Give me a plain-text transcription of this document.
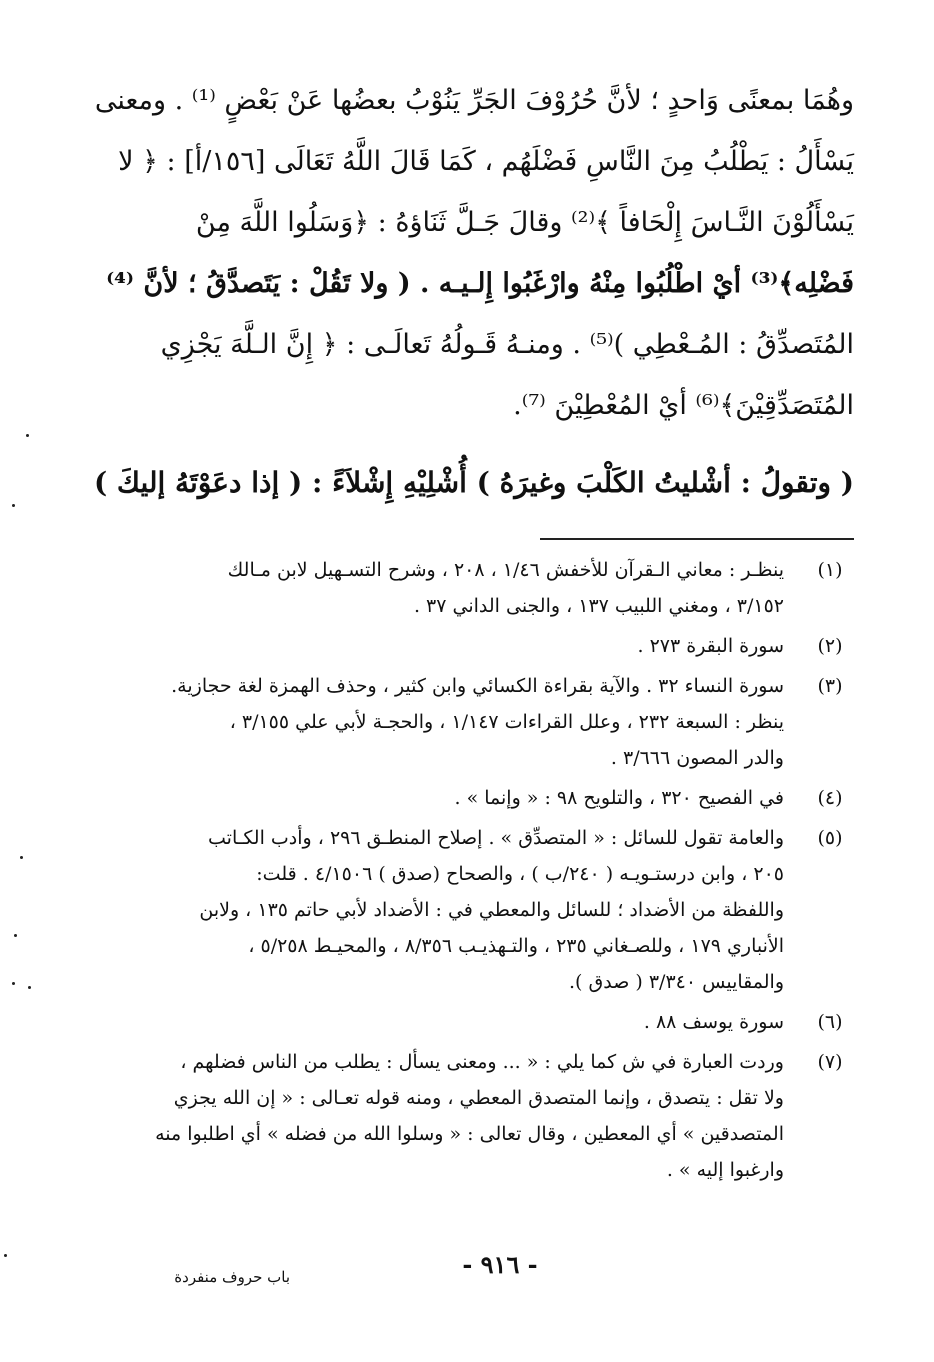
وهُمَا بمعنًى وَاحدٍ ؛ لأنَّ حُرُوْفَ الجَرِّ يَنُوْبُ بعضُها عَنْ بَعْضٍ ⁽¹⁾ . ومعنى
يَسْأَلُ : يَطْلُبُ مِنَ النَّاسِ فَضْلَهُم ، كَمَا قَالَ اللَّهُ تَعَالَى [١٥٦/أ] : ﴿ لا
يَسْأَلُوْنَ النَّـاسَ إِلْحَافاً ﴾⁽²⁾ وقالَ جَـلَّ ثَنَاؤهُ : ﴿وَسَلُوا اللَّهَ مِنْ
فَضْلِه﴾⁽³⁾ أيْ اطْلُبُوا مِنْهُ وارْغَبُوا إِلـيـه . ( ولا تَقُلْ : يَتَصدَّقُ ؛ لأنَّ ⁽⁴⁾
المُتَصدِّقُ : المُـعْطِي )⁽⁵⁾ . ومنـهُ قَـولُهُ تَعالَـى : ﴿ إِنَّ الـلَّهَ يَجْزِي
المُتَصَدِّقِيْنَ﴾⁽⁶⁾ أيْ المُعْطِيْنَ ⁽⁷⁾.
( وتقولُ : أشْليتُ الكَلْبَ وغيرَهُ ) أُشْلِيْهِ إِشْلاَءً : ( إذا دعَوْتَهُ إليكَ )
(١)
ينظـر : معاني الـقرآن للأخفش ١/٤٦ ، ٢٠٨ ، وشرح التسـهيل لابن مـالك
٣/١٥٢ ، ومغني اللبيب ١٣٧ ، والجنى الداني ٣٧ .
(٢)
سورة البقرة ٢٧٣ .
(٣)
سورة النساء ٣٢ . والآية بقراءة الكسائي وابن كثير ، وحذف الهمزة لغة حجازية.
ينظر : السبعة ٢٣٢ ، وعلل القراءات ١/١٤٧ ، والحجـة لأبي علي ٣/١٥٥ ،
والدر المصون ٣/٦٦٦ .
(٤)
في الفصيح ٣٢٠ ، والتلويح ٩٨ : « وإنما » .
(٥)
والعامة تقول للسائل : « المتصدِّق » . إصلاح المنطـق ٢٩٦ ، وأدب الكـاتب
٢٠٥ ، وابن درستـويـه ( ٢٤٠/ب ) ، والصحاح (صدق ) ٤/١٥٠٦ . قلت:
واللفظة من الأضداد ؛ للسائل والمعطي في : الأضداد لأبي حاتم ١٣٥ ، ولابن
الأنباري ١٧٩ ، وللصـغاني ٢٣٥ ، والتـهذيـب ٨/٣٥٦ ، والمحيـط ٥/٢٥٨ ،
والمقاييس ٣/٣٤٠ ( صدق ).
(٦)
سورة يوسف ٨٨ .
(٧)
وردت العبارة في ش كما يلي : « ... ومعنى يسأل : يطلب من الناس فضلهم ،
ولا تقل : يتصدق ، وإنما المتصدق المعطي ، ومنه قوله تعـالى : « إن الله يجزي
المتصدقين » أي المعطين ، وقال تعالى : « وسلوا الله من فضله » أي اطلبوا منه
وارغبوا إليه » .
- ٩١٦ -
باب حروف منفردة
